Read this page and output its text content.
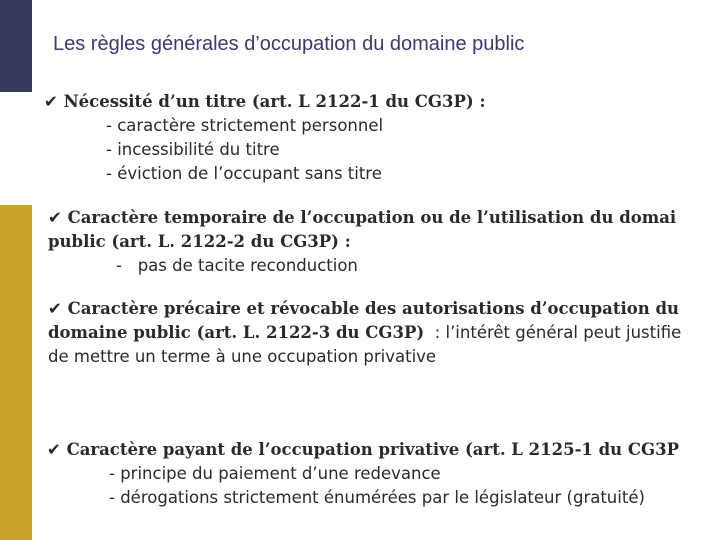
Les règles générales d’occupation du domaine public
✔ Nécessité d’un titre (art. L 2122-1 du CG3P) :
- caractère strictement personnel
- incessibilité du titre
- éviction de l’occupant sans titre
✔ Caractère temporaire de l’occupation ou de l’utilisation du domai
public (art. L. 2122-2 du CG3P) :
-   pas de tacite reconduction
✔ Caractère précaire et révocable des autorisations d’occupation du
domaine public (art. L. 2122-3 du CG3P)  : l’intérêt général peut justifie
de mettre un terme à une occupation privative
✔ Caractère payant de l’occupation privative (art. L 2125-1 du CG3P
- principe du paiement d’une redevance
- dérogations strictement énumérées par le législateur (gratuité)
